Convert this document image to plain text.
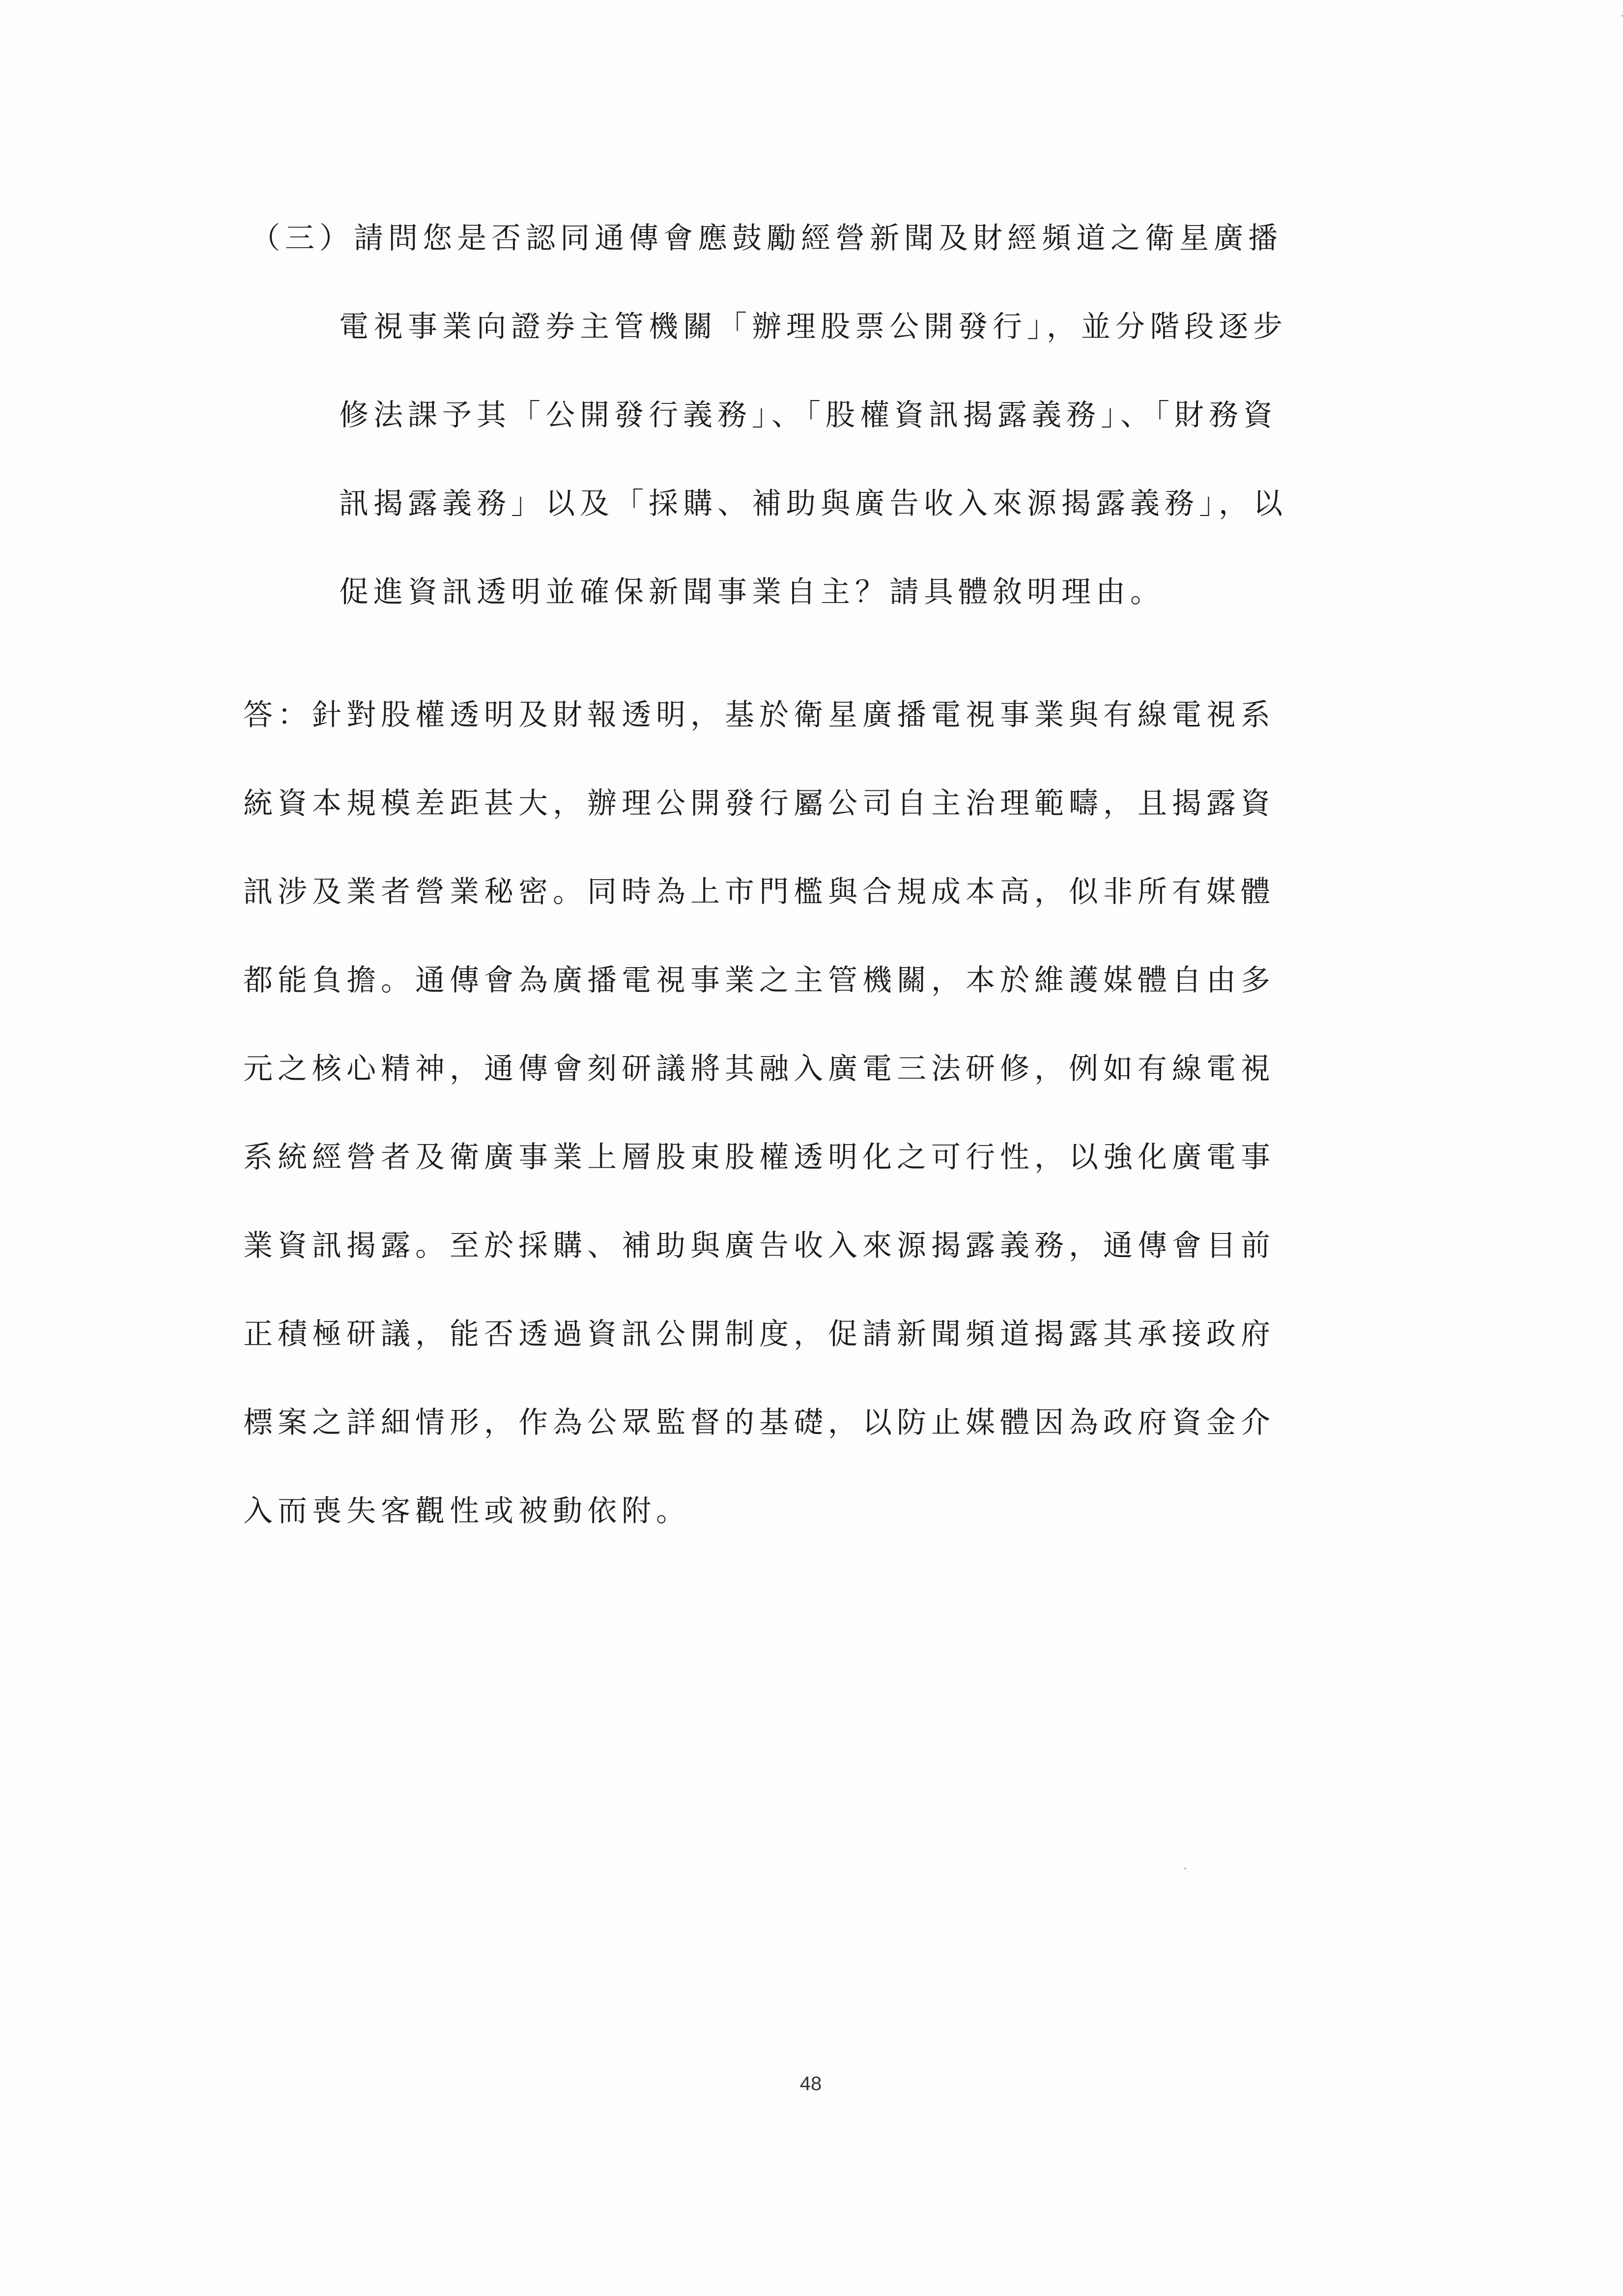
（三）請問您是否認同通傳會應鼓勵經營新聞及財經頻道之衛星廣播
電視事業向證券主管機關「辦理股票公開發行」，並分階段逐步
修法課予其「公開發行義務」、「股權資訊揭露義務」、「財務資
訊揭露義務」以及「採購、補助與廣告收入來源揭露義務」，以
促進資訊透明並確保新聞事業自主？請具體敘明理由。
答：針對股權透明及財報透明，基於衛星廣播電視事業與有線電視系
統資本規模差距甚大，辦理公開發行屬公司自主治理範疇，且揭露資
訊涉及業者營業秘密。同時為上市門檻與合規成本高，似非所有媒體
都能負擔。通傳會為廣播電視事業之主管機關，本於維護媒體自由多
元之核心精神，通傳會刻研議將其融入廣電三法研修，例如有線電視
系統經營者及衛廣事業上層股東股權透明化之可行性，以強化廣電事
業資訊揭露。至於採購、補助與廣告收入來源揭露義務，通傳會目前
正積極研議，能否透過資訊公開制度，促請新聞頻道揭露其承接政府
標案之詳細情形，作為公眾監督的基礎，以防止媒體因為政府資金介
入而喪失客觀性或被動依附。
48
